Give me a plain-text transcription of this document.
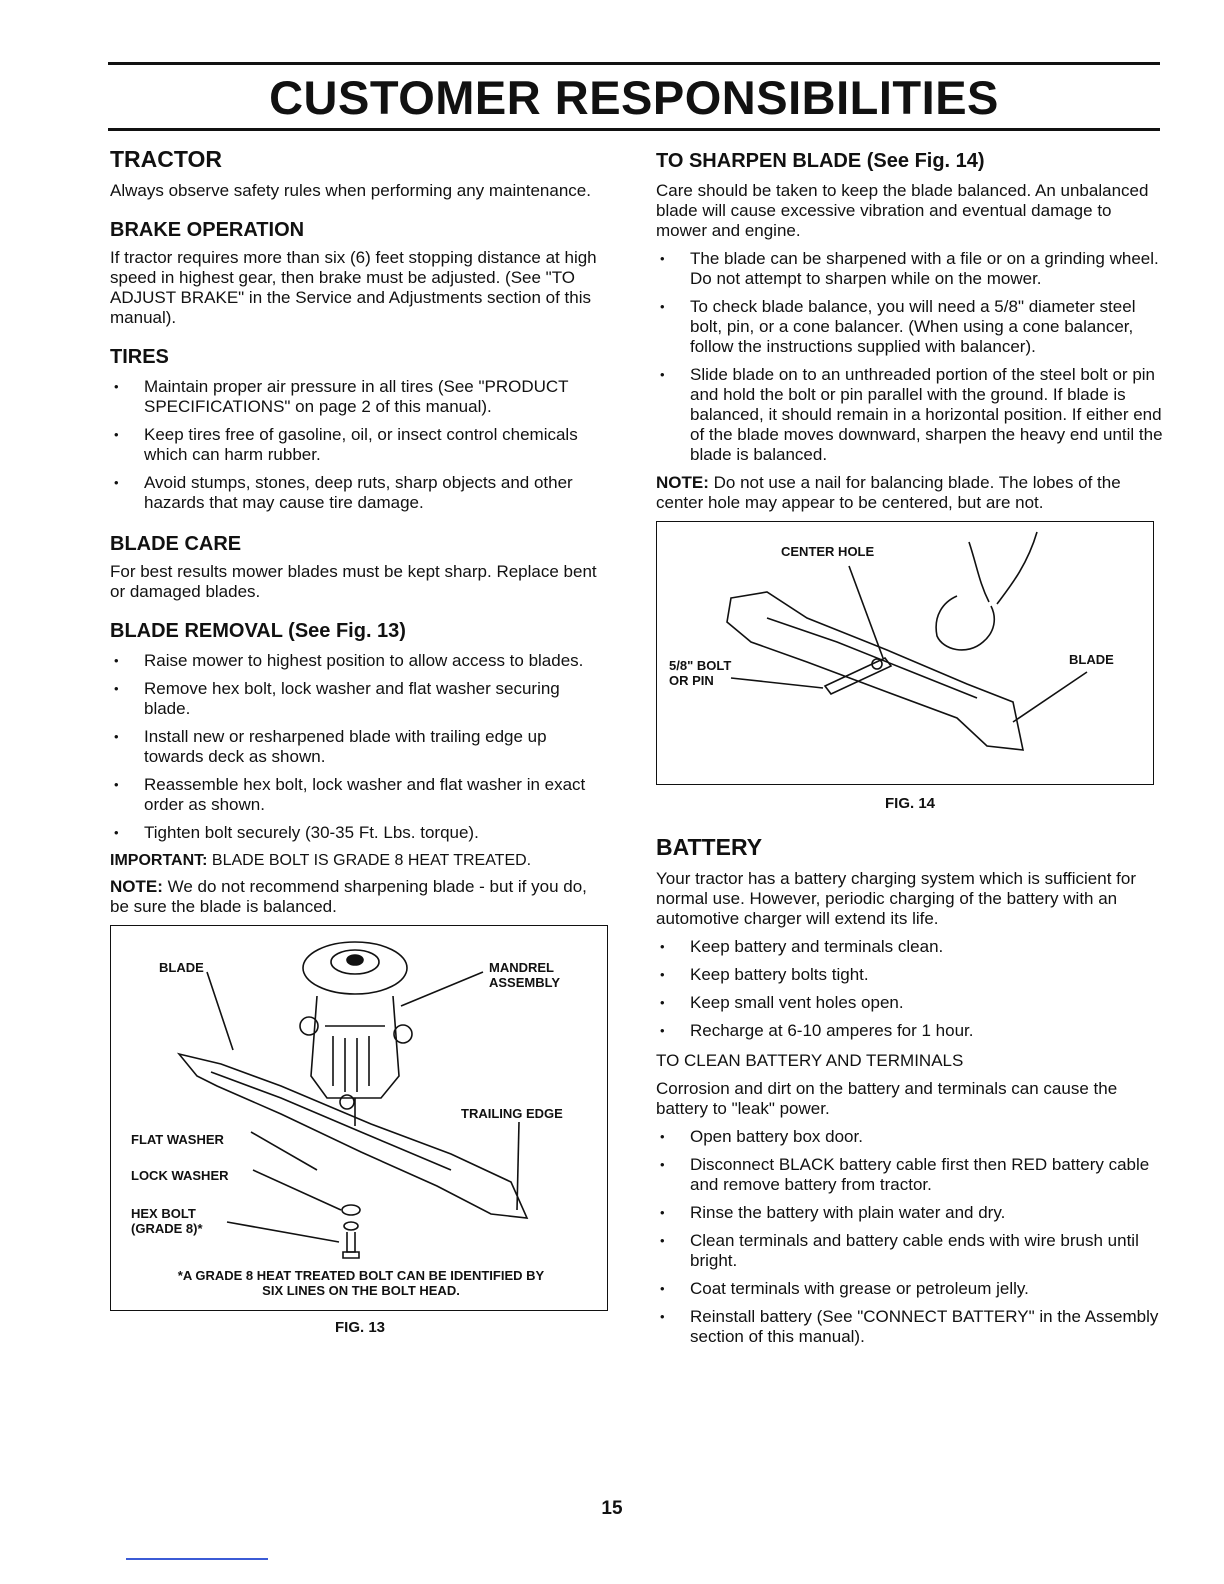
CUSTOMER RESPONSIBILITIES
TRACTOR

Always observe safety rules when performing any maintenance.

BRAKE OPERATION

If tractor requires more than six (6) feet stopping distance at high speed in highest gear, then brake must be adjusted. (See "TO ADJUST BRAKE" in the Service and Adjustments section of this manual).

TIRES
• Maintain proper air pressure in all tires (See "PRODUCT SPECIFICATIONS" on page 2 of this manual).
• Keep tires free of gasoline, oil, or insect control chemicals which can harm rubber.
• Avoid stumps, stones, deep ruts, sharp objects and other hazards that may cause tire damage.
BLADE CARE

For best results mower blades must be kept sharp. Replace bent or damaged blades.

BLADE REMOVAL (See Fig. 13)
• Raise mower to highest position to allow access to blades.
• Remove hex bolt, lock washer and flat washer securing blade.
• Install new or resharpened blade with trailing edge up towards deck as shown.
• Reassemble hex bolt, lock washer and flat washer in exact order as shown.
• Tighten bolt securely (30-35 Ft. Lbs. torque).

IMPORTANT: BLADE BOLT IS GRADE 8 HEAT TREATED.

NOTE: We do not recommend sharpening blade - but if you do, be sure the blade is balanced.

BLADE	MANDREL ASSEMBLY
TRAILING EDGE
FLAT WASHER
LOCK WASHER
HEX BOLT (GRADE 8)*
*A GRADE 8 HEAT TREATED BOLT CAN BE IDENTIFIED BY SIX LINES ON THE BOLT HEAD.
FIG. 13
TO SHARPEN BLADE (See Fig. 14)

Care should be taken to keep the blade balanced. An unbalanced blade will cause excessive vibration and eventual damage to mower and engine.

• The blade can be sharpened with a file or on a grinding wheel. Do not attempt to sharpen while on the mower.
• To check blade balance, you will need a 5/8" diameter steel bolt, pin, or a cone balancer. (When using a cone balancer, follow the instructions supplied with balancer).
• Slide blade on to an unthreaded portion of the steel bolt or pin and hold the bolt or pin parallel with the ground. If blade is balanced, it should remain in a horizontal position. If either end of the blade moves downward, sharpen the heavy end until the blade is balanced.

NOTE: Do not use a nail for balancing blade. The lobes of the center hole may appear to be centered, but are not.

CENTER HOLE
5/8" BOLT OR PIN
BLADE
FIG. 14
BATTERY

Your tractor has a battery charging system which is sufficient for normal use. However, periodic charging of the battery with an automotive charger will extend its life.

• Keep battery and terminals clean.
• Keep battery bolts tight.
• Keep small vent holes open.
• Recharge at 6-10 amperes for 1 hour.

TO CLEAN BATTERY AND TERMINALS

Corrosion and dirt on the battery and terminals can cause the battery to "leak" power.

• Open battery box door.
• Disconnect BLACK battery cable first then RED battery cable and remove battery from tractor.
• Rinse the battery with plain water and dry.
• Clean terminals and battery cable ends with wire brush until bright.
• Coat terminals with grease or petroleum jelly.
• Reinstall battery (See "CONNECT BATTERY" in the Assembly section of this manual).
15
